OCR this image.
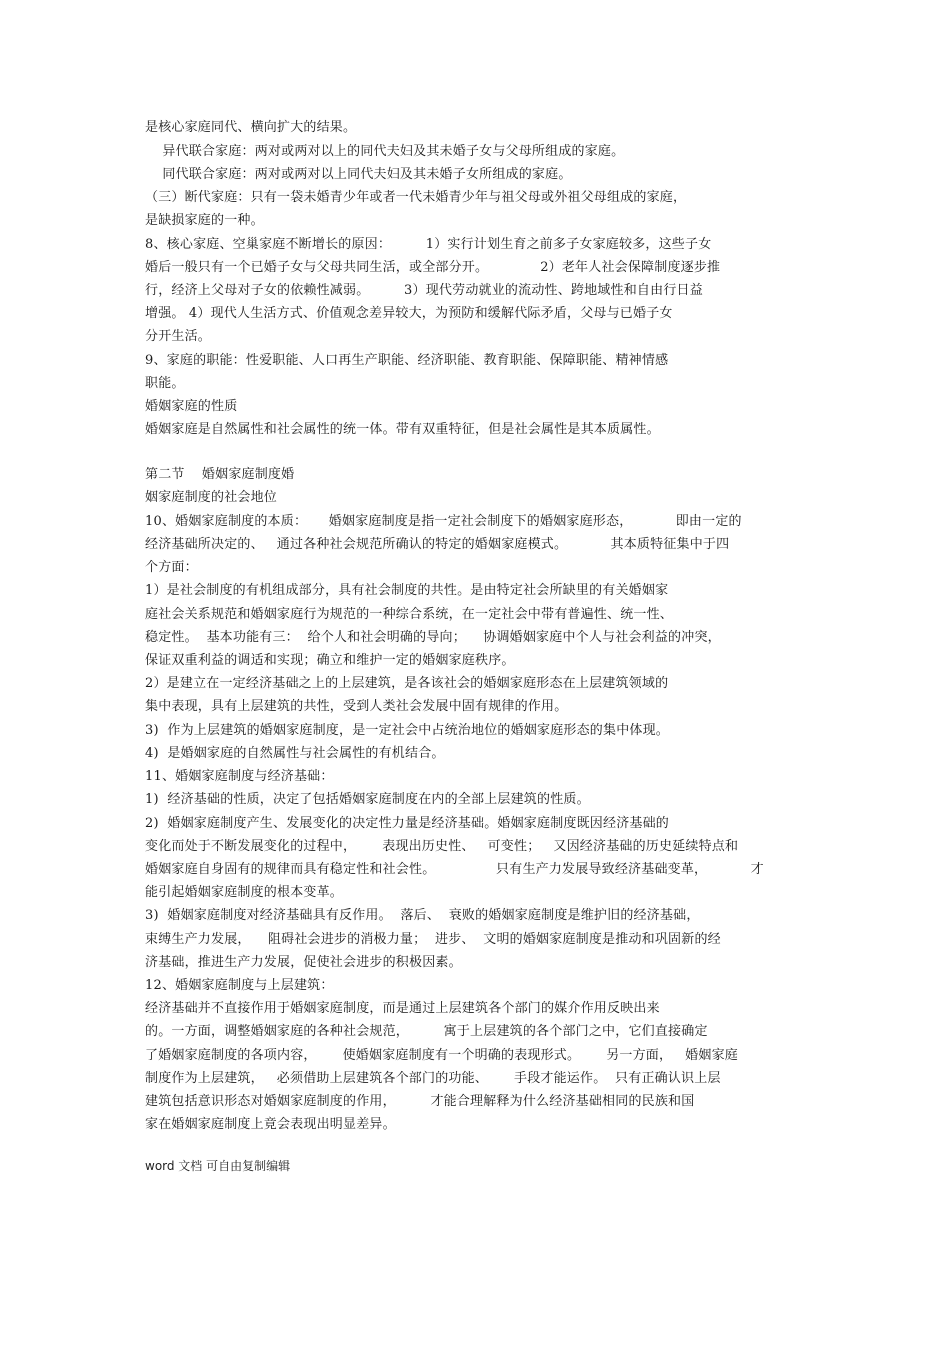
是核心家庭同代、横向扩大的结果。
异代联合家庭：两对或两对以上的同代夫妇及其未婚子女与父母所组成的家庭。
同代联合家庭：两对或两对以上同代夫妇及其未婚子女所组成的家庭。
（三）断代家庭：只有一袋未婚青少年或者一代未婚青少年与祖父母或外祖父母组成的家庭，
是缺损家庭的一种。
8、核心家庭、空巢家庭不断增长的原因：        1）实行计划生育之前多子女家庭较多，这些子女
婚后一般只有一个已婚子女与父母共同生活，或全部分开。            2）老年人社会保障制度逐步推
行，经济上父母对子女的依赖性减弱。        3）现代劳动就业的流动性、跨地域性和自由行日益
增强。 4）现代人生活方式、价值观念差异较大，为预防和缓解代际矛盾，父母与已婚子女
分开生活。
9、家庭的职能：性爱职能、人口再生产职能、经济职能、教育职能、保障职能、精神情感
职能。
婚姻家庭的性质
婚姻家庭是自然属性和社会属性的统一体。带有双重特征，但是社会属性是其本质属性。
第二节    婚姻家庭制度婚
姻家庭制度的社会地位
10、婚姻家庭制度的本质：     婚姻家庭制度是指一定社会制度下的婚姻家庭形态，          即由一定的
经济基础所决定的、   通过各种社会规范所确认的特定的婚姻家庭模式。          其本质特征集中于四
个方面：
1）是社会制度的有机组成部分，具有社会制度的共性。是由特定社会所缺里的有关婚姻家
庭社会关系规范和婚姻家庭行为规范的一种综合系统，在一定社会中带有普遍性、统一性、
稳定性。  基本功能有三：  给个人和社会明确的导向；    协调婚姻家庭中个人与社会利益的冲突，
保证双重利益的调适和实现；确立和维护一定的婚姻家庭秩序。
2）是建立在一定经济基础之上的上层建筑，是各该社会的婚姻家庭形态在上层建筑领域的
集中表现，具有上层建筑的共性，受到人类社会发展中固有规律的作用。
3)  作为上层建筑的婚姻家庭制度，是一定社会中占统治地位的婚姻家庭形态的集中体现。
4)  是婚姻家庭的自然属性与社会属性的有机结合。
11、婚姻家庭制度与经济基础：
1)  经济基础的性质，决定了包括婚姻家庭制度在内的全部上层建筑的性质。
2)  婚姻家庭制度产生、发展变化的决定性力量是经济基础。婚姻家庭制度既因经济基础的
变化而处于不断发展变化的过程中，      表现出历史性、   可变性；   又因经济基础的历史延续特点和
婚姻家庭自身固有的规律而具有稳定性和社会性。              只有生产力发展导致经济基础变革，          才
能引起婚姻家庭制度的根本变革。
3)  婚姻家庭制度对经济基础具有反作用。  落后、  衰败的婚姻家庭制度是维护旧的经济基础，
束缚生产力发展，    阻碍社会进步的消极力量；  进步、  文明的婚姻家庭制度是推动和巩固新的经
济基础，推进生产力发展，促使社会进步的积极因素。
12、婚姻家庭制度与上层建筑：
经济基础并不直接作用于婚姻家庭制度，而是通过上层建筑各个部门的媒介作用反映出来
的。一方面，调整婚姻家庭的各种社会规范，        寓于上层建筑的各个部门之中，它们直接确定
了婚姻家庭制度的各项内容，      使婚姻家庭制度有一个明确的表现形式。      另一方面，   婚姻家庭
制度作为上层建筑，   必须借助上层建筑各个部门的功能、      手段才能运作。  只有正确认识上层
建筑包括意识形态对婚姻家庭制度的作用，        才能合理解释为什么经济基础相同的民族和国
家在婚姻家庭制度上竟会表现出明显差异。
word 文档 可自由复制编辑
